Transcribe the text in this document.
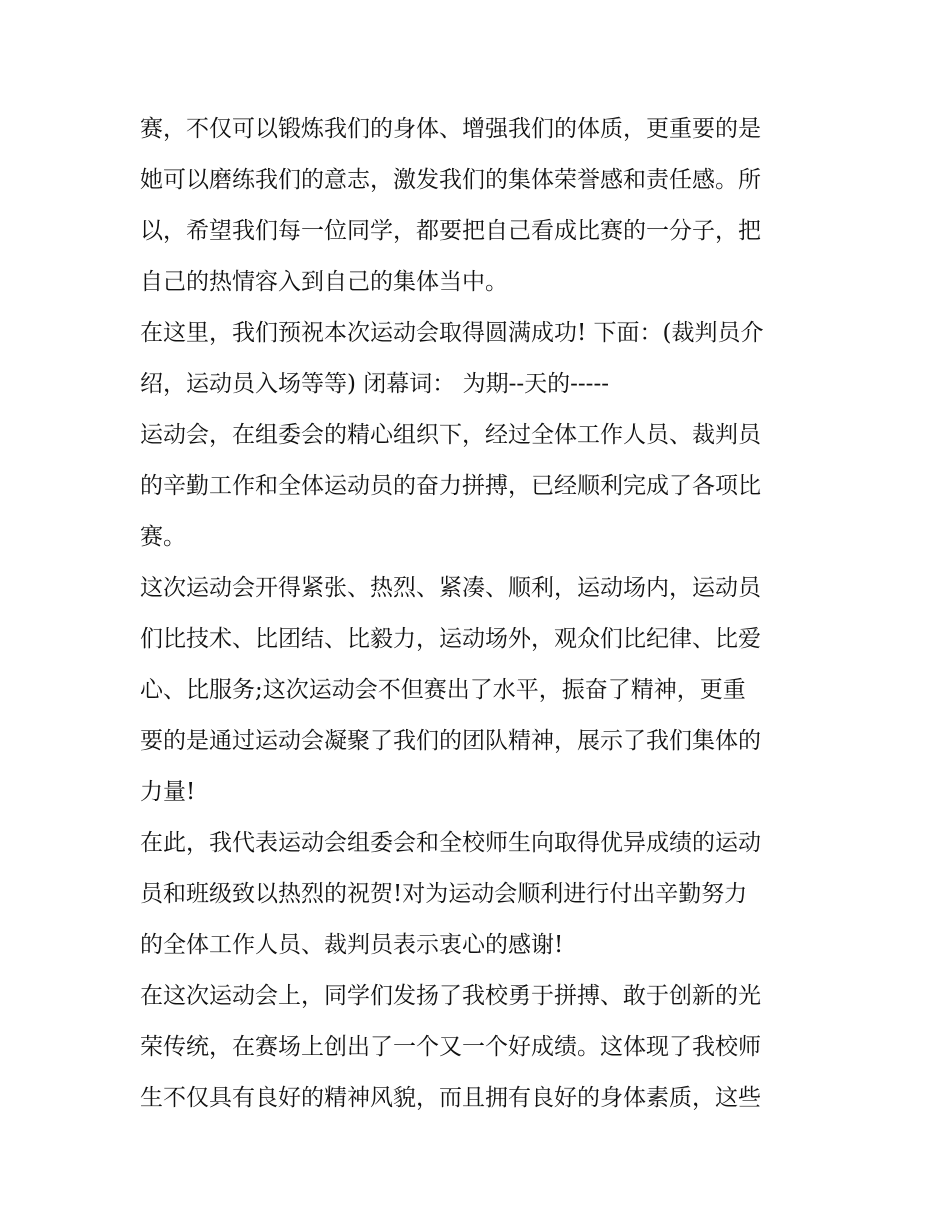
赛，不仅可以锻炼我们的身体、增强我们的体质，更重要的是
她可以磨练我们的意志，激发我们的集体荣誉感和责任感。所
以，希望我们每一位同学，都要把自己看成比赛的一分子，把
自己的热情容入到自己的集体当中。
在这里，我们预祝本次运动会取得圆满成功! 下面：(裁判员介
绍，运动员入场等等) 闭幕词： 为期--天的-----
运动会，在组委会的精心组织下，经过全体工作人员、裁判员
的辛勤工作和全体运动员的奋力拼搏，已经顺利完成了各项比
赛。
这次运动会开得紧张、热烈、紧凑、顺利，运动场内，运动员
们比技术、比团结、比毅力，运动场外，观众们比纪律、比爱
心、比服务;这次运动会不但赛出了水平，振奋了精神，更重
要的是通过运动会凝聚了我们的团队精神，展示了我们集体的
力量!
在此，我代表运动会组委会和全校师生向取得优异成绩的运动
员和班级致以热烈的祝贺!对为运动会顺利进行付出辛勤努力
的全体工作人员、裁判员表示衷心的感谢!
在这次运动会上，同学们发扬了我校勇于拼搏、敢于创新的光
荣传统，在赛场上创出了一个又一个好成绩。这体现了我校师
生不仅具有良好的精神风貌，而且拥有良好的身体素质，这些
